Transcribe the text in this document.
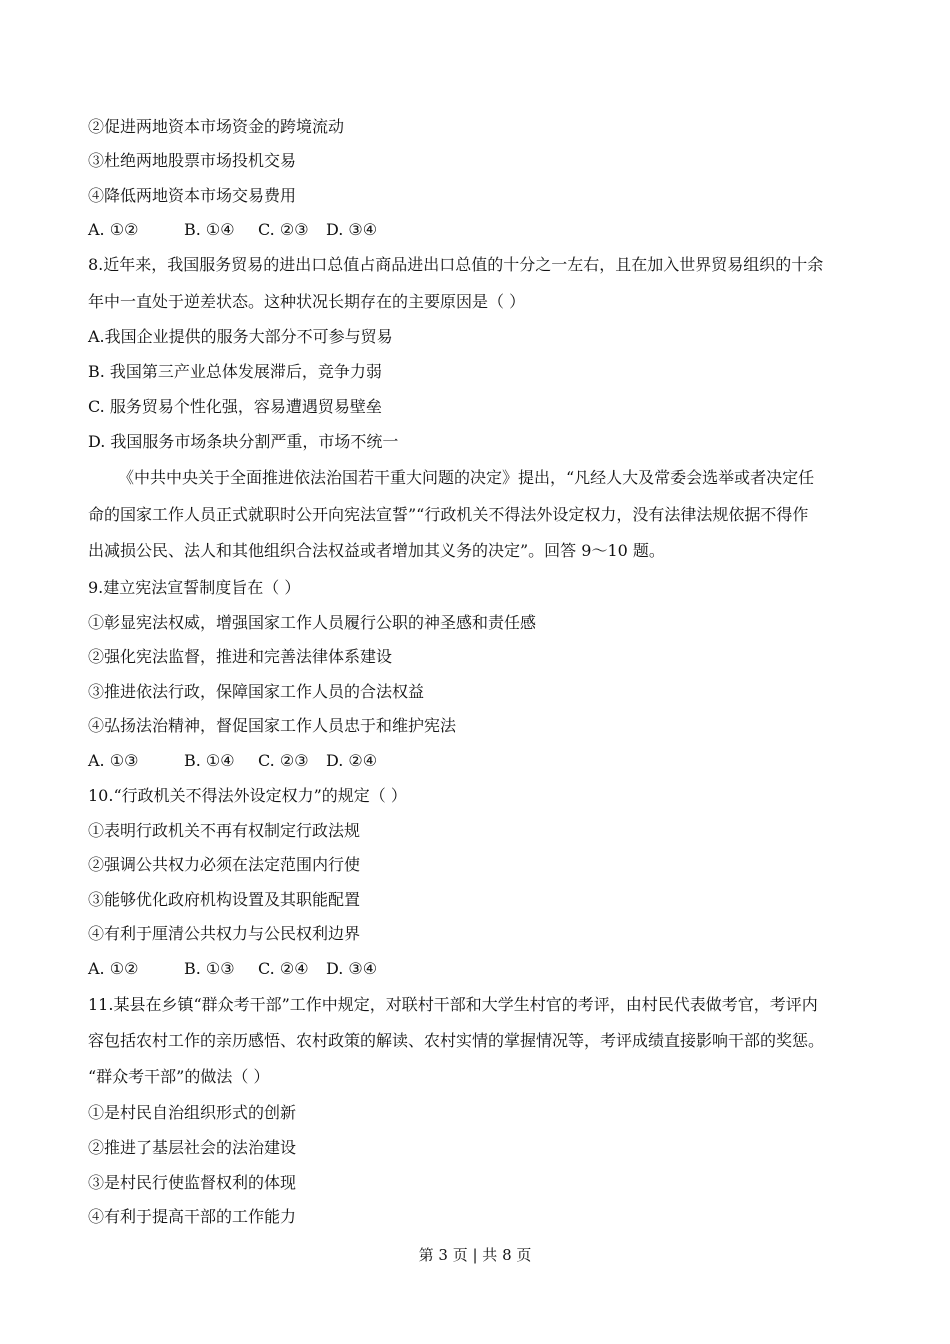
②促进两地资本市场资金的跨境流动
③杜绝两地股票市场投机交易
④降低两地资本市场交易费用
A. ①②	B. ①④ C. ②③ D. ③④
8.近年来，我国服务贸易的进出口总值占商品进出口总值的十分之一左右，且在加入世界贸易组织的十余
年中一直处于逆差状态。这种状况长期存在的主要原因是（ ）
A.我国企业提供的服务大部分不可参与贸易
B. 我国第三产业总体发展滞后，竞争力弱
C. 服务贸易个性化强，容易遭遇贸易壁垒
D. 我国服务市场条块分割严重，市场不统一
《中共中央关于全面推进依法治国若干重大问题的决定》提出，“凡经人大及常委会选举或者决定任
命的国家工作人员正式就职时公开向宪法宣誓”“行政机关不得法外设定权力，没有法律法规依据不得作
出减损公民、法人和其他组织合法权益或者增加其义务的决定”。回答 9～10 题。
9.建立宪法宣誓制度旨在（ ）
①彰显宪法权威，增强国家工作人员履行公职的神圣感和责任感
②强化宪法监督，推进和完善法律体系建设
③推进依法行政，保障国家工作人员的合法权益
④弘扬法治精神，督促国家工作人员忠于和维护宪法
A. ①③	B. ①④ C. ②③ D. ②④
10.“行政机关不得法外设定权力”的规定（ ）
①表明行政机关不再有权制定行政法规
②强调公共权力必须在法定范围内行使
③能够优化政府机构设置及其职能配置
④有利于厘清公共权力与公民权利边界
A. ①②	B. ①③ C. ②④ D. ③④
11.某县在乡镇“群众考干部”工作中规定，对联村干部和大学生村官的考评，由村民代表做考官，考评内
容包括农村工作的亲历感悟、农村政策的解读、农村实情的掌握情况等，考评成绩直接影响干部的奖惩。
“群众考干部”的做法（ ）
①是村民自治组织形式的创新
②推进了基层社会的法治建设
③是村民行使监督权利的体现
④有利于提高干部的工作能力
第 3 页 | 共 8 页
